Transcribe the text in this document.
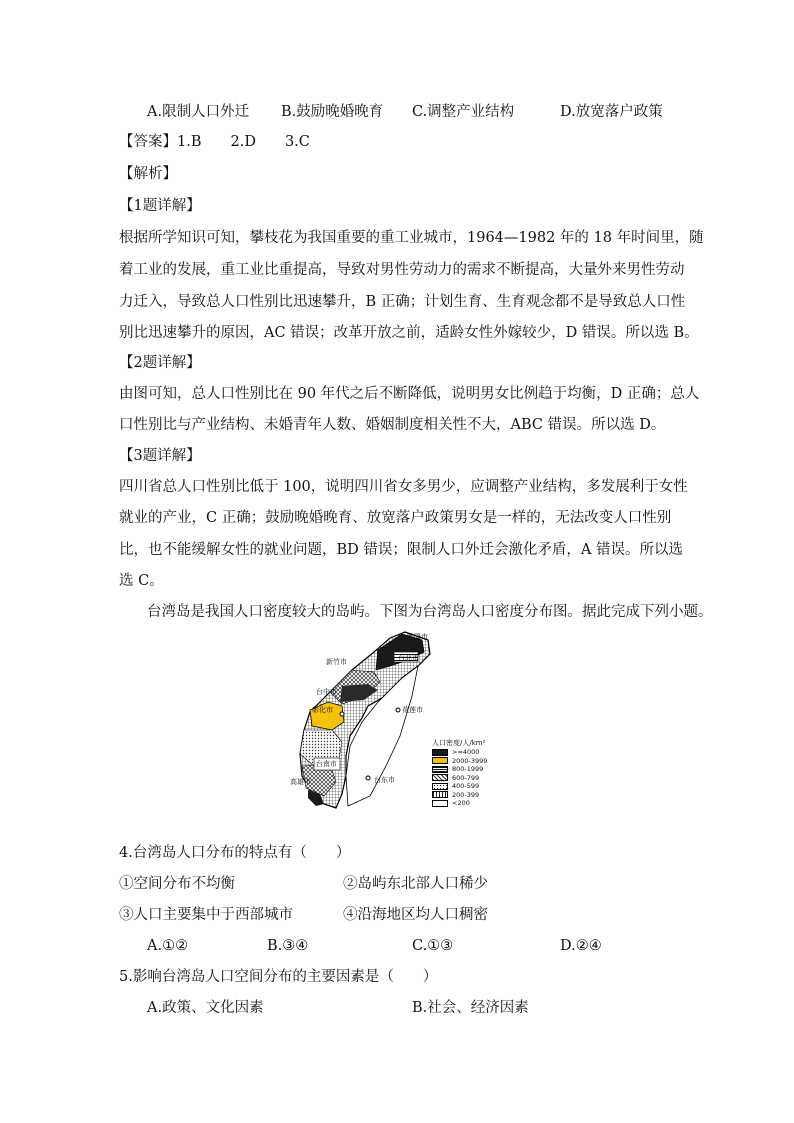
A.限制人口外迁 B.鼓励晚婚晚育 C.调整产业结构	D.放宽落户政策
【答案】1.B　　2.D　　3.C
【解析】
【1题详解】
根据所学知识可知，攀枝花为我国重要的重工业城市，1964—1982 年的 18 年时间里，随
着工业的发展，重工业比重提高，导致对男性劳动力的需求不断提高，大量外来男性劳动
力迁入，导致总人口性别比迅速攀升，B 正确；计划生育、生育观念都不是导致总人口性
别比迅速攀升的原因，AC 错误；改革开放之前，适龄女性外嫁较少，D 错误。所以选 B。
【2题详解】
由图可知，总人口性别比在 90 年代之后不断降低，说明男女比例趋于均衡，D 正确；总人
口性别比与产业结构、未婚青年人数、婚姻制度相关性不大，ABC 错误。所以选 D。
【3题详解】
四川省总人口性别比低于 100，说明四川省女多男少，应调整产业结构，多发展利于女性
就业的产业，C 正确；鼓励晚婚晚育、放宽落户政策男女是一样的，无法改变人口性别
比，也不能缓解女性的就业问题，BD 错误；限制人口外迁会激化矛盾，A 错误。所以选
选 C。
台湾岛是我国人口密度较大的岛屿。下图为台湾岛人口密度分布图。据此完成下列小题。
基隆市
台北市
新竹市
台中市
彰化市	花莲市
台南市
高雄市	台东市
人口密度/人/km²
>=4000
2000-3999
800-1999
600-799
400-599
200-399
<200
4.台湾岛人口分布的特点有（　　）
①空间分布不均衡	②岛屿东北部人口稀少
③人口主要集中于西部城市	④沿海地区均人口稠密
A.①②	B.③④	C.①③	D.②④
5.影响台湾岛人口空间分布的主要因素是（　　）
A.政策、文化因素	B.社会、经济因素
